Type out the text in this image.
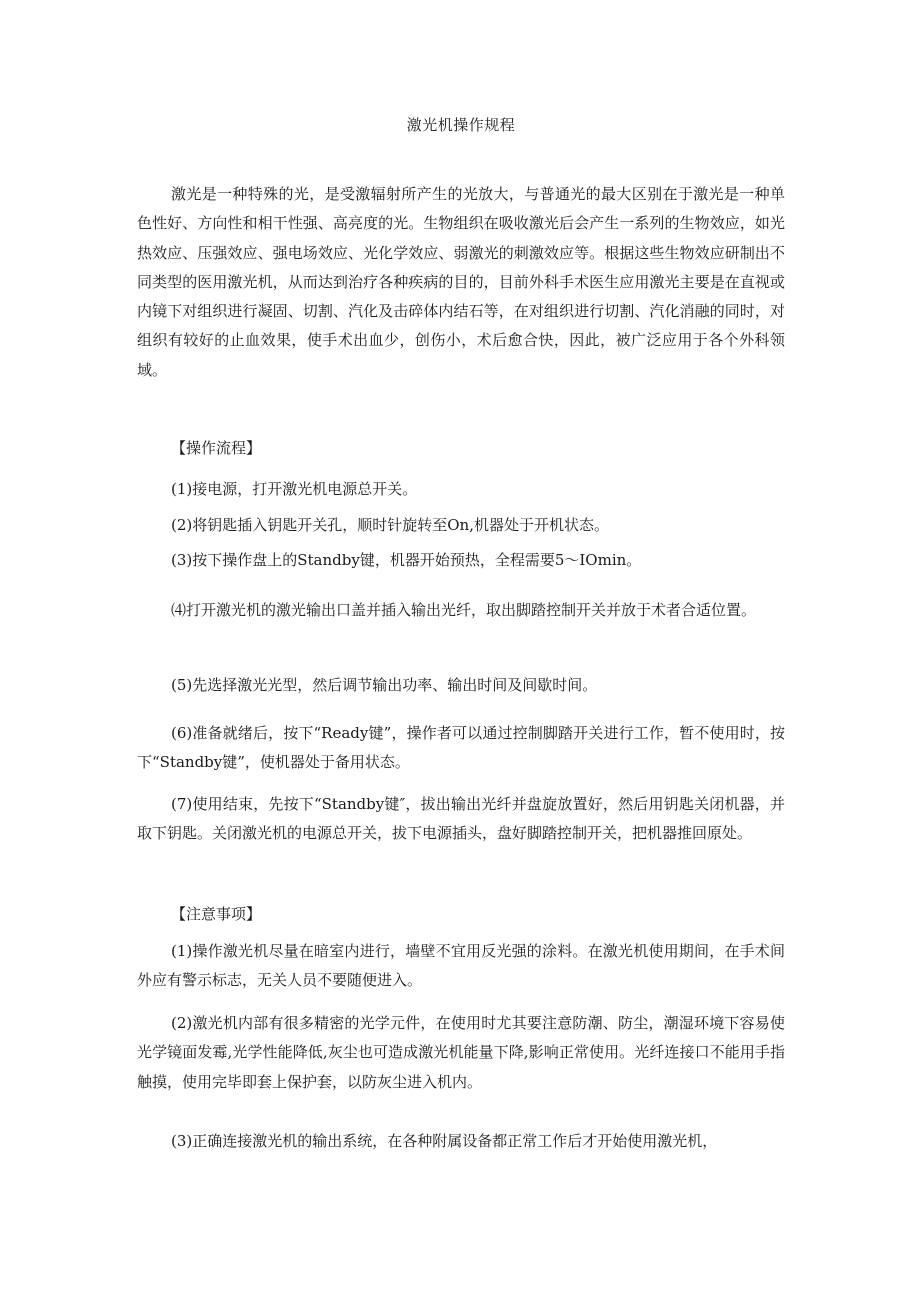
激光机操作规程

激光是一种特殊的光，是受激辐射所产生的光放大，与普通光的最大区别在于激光是一种单色性好、方向性和相干性强、高亮度的光。生物组织在吸收激光后会产生一系列的生物效应，如光热效应、压强效应、强电场效应、光化学效应、弱激光的刺激效应等。根据这些生物效应研制出不同类型的医用激光机，从而达到治疗各种疾病的目的，目前外科手术医生应用激光主要是在直视或内镜下对组织进行凝固、切割、汽化及击碎体内结石等，在对组织进行切割、汽化消融的同时，对组织有较好的止血效果，使手术出血少，创伤小，术后愈合快，因此，被广泛应用于各个外科领域。

【操作流程】

(1)接电源，打开激光机电源总开关。

(2)将钥匙插入钥匙开关孔，顺时针旋转至On,机器处于开机状态。

(3)按下操作盘上的Standby键，机器开始预热，全程需要5～IOmin。

⑷打开激光机的激光输出口盖并插入输出光纤，取出脚踏控制开关并放于术者合适位置。

(5)先选择激光光型，然后调节输出功率、输出时间及间歇时间。

(6)准备就绪后，按下“Ready键”，操作者可以通过控制脚踏开关进行工作，暂不使用时，按下“Standby键”，使机器处于备用状态。

(7)使用结束，先按下“Standby键″，拔出输出光纤并盘旋放置好，然后用钥匙关闭机器，并取下钥匙。关闭激光机的电源总开关，拔下电源插头，盘好脚踏控制开关，把机器推回原处。

【注意事项】

(1)操作激光机尽量在暗室内进行，墙壁不宜用反光强的涂料。在激光机使用期间，在手术间外应有警示标志，无关人员不要随便进入。

(2)激光机内部有很多精密的光学元件，在使用时尤其要注意防潮、防尘，潮湿环境下容易使光学镜面发霉,光学性能降低,灰尘也可造成激光机能量下降,影响正常使用。光纤连接口不能用手指触摸，使用完毕即套上保护套，以防灰尘进入机内。

(3)正确连接激光机的输出系统，在各种附属设备都正常工作后才开始使用激光机，
